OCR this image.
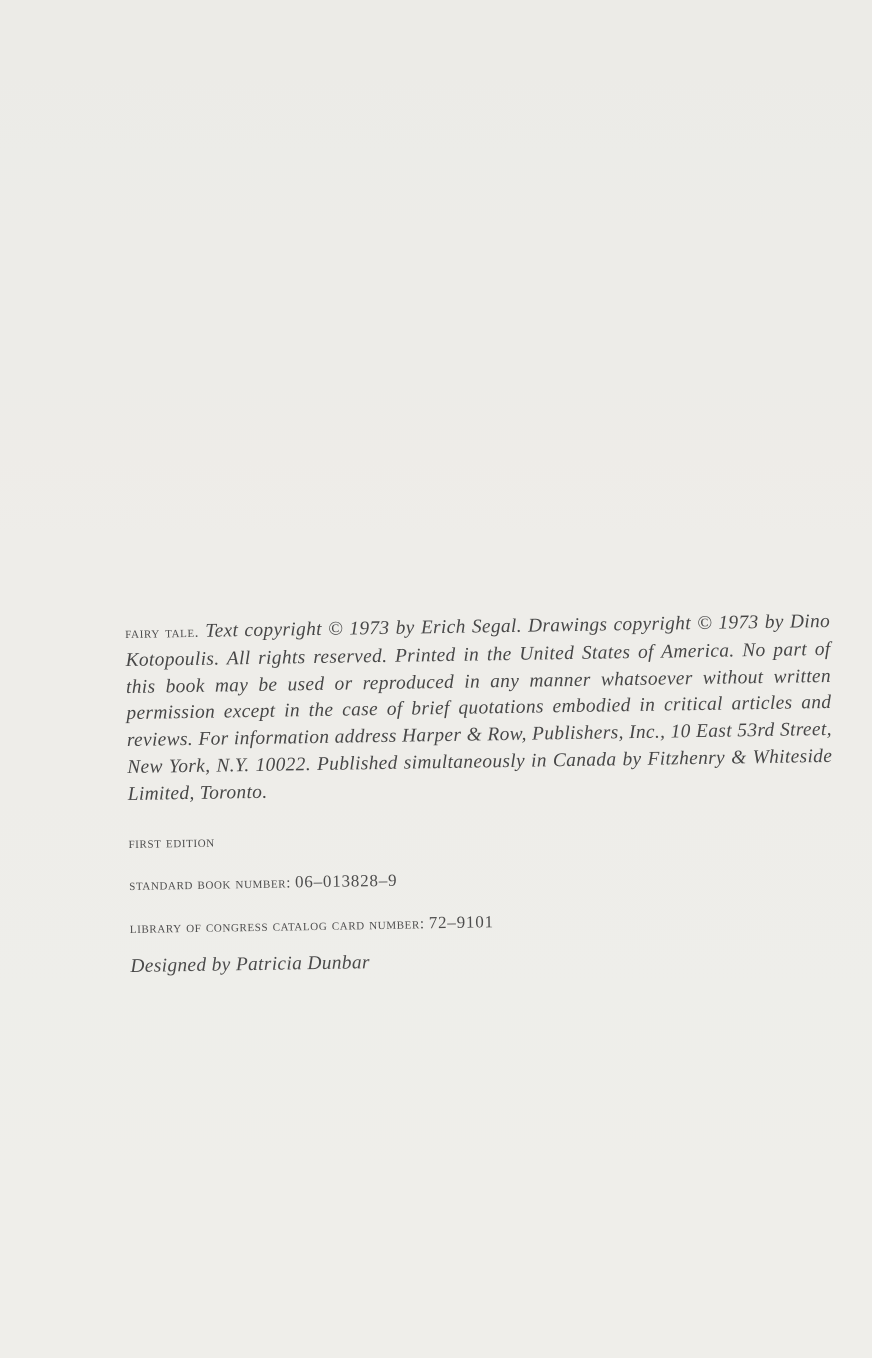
fairy tale. Text copyright © 1973 by Erich Segal. Drawings copyright © 1973 by Dino Kotopoulis. All rights reserved. Printed in the United States of America. No part of this book may be used or reproduced in any manner whatsoever without written permission except in the case of brief quotations embodied in critical articles and reviews. For information address Harper & Row, Publishers, Inc., 10 East 53rd Street, New York, N.Y. 10022. Published simultaneously in Canada by Fitzhenry & Whiteside Limited, Toronto.

first edition

standard book number: 06–013828–9

library of congress catalog card number: 72–9101

Designed by Patricia Dunbar
